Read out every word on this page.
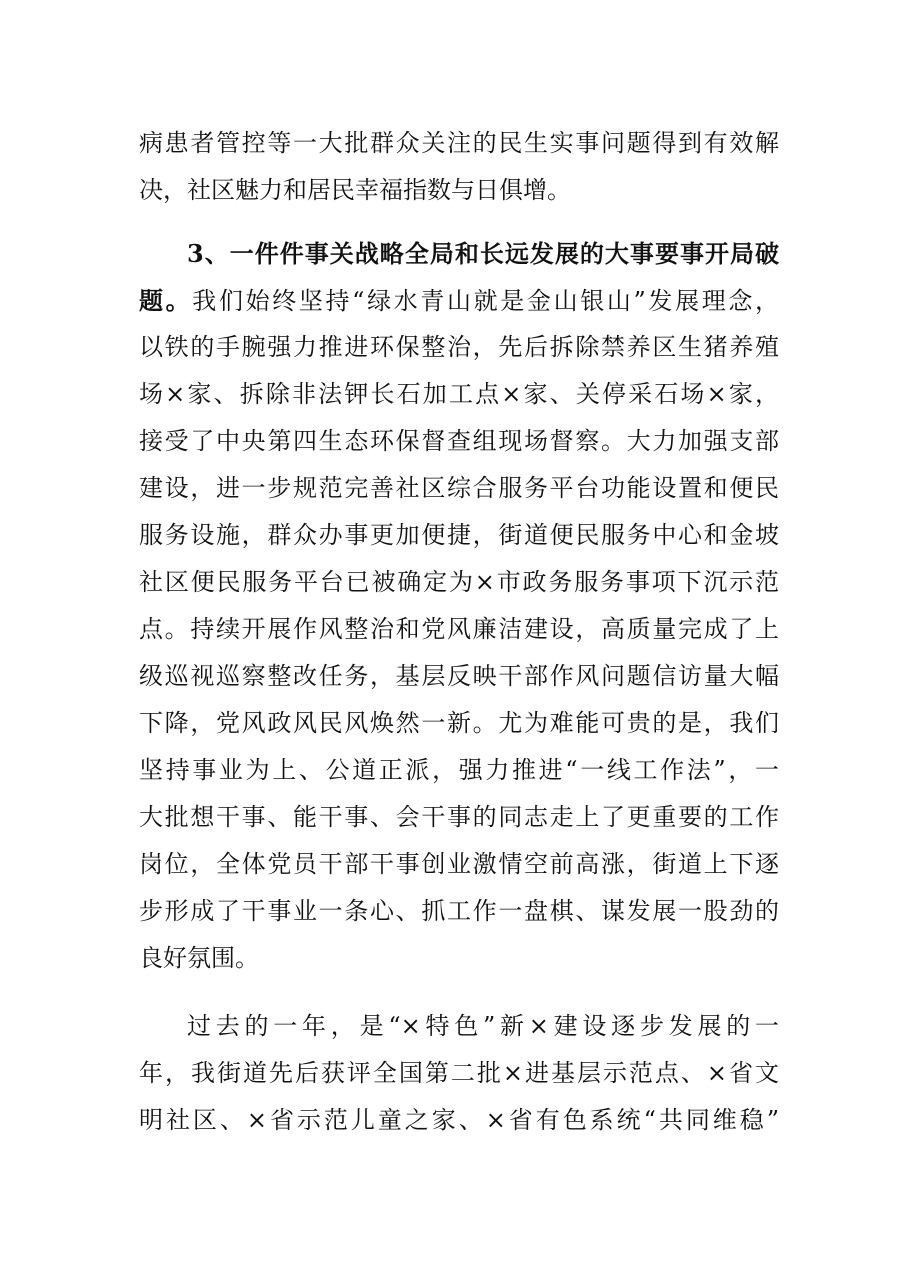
病患者管控等一大批群众关注的民生实事问题得到有效解
决，社区魅力和居民幸福指数与日俱增。
3、一件件事关战略全局和长远发展的大事要事开局破
题。我们始终坚持“绿水青山就是金山银山”发展理念，
以铁的手腕强力推进环保整治，先后拆除禁养区生猪养殖
场×家、拆除非法钾长石加工点×家、关停采石场×家，
接受了中央第四生态环保督查组现场督察。大力加强支部
建设，进一步规范完善社区综合服务平台功能设置和便民
服务设施，群众办事更加便捷，街道便民服务中心和金坡
社区便民服务平台已被确定为×市政务服务事项下沉示范
点。持续开展作风整治和党风廉洁建设，高质量完成了上
级巡视巡察整改任务，基层反映干部作风问题信访量大幅
下降，党风政风民风焕然一新。尤为难能可贵的是，我们
坚持事业为上、公道正派，强力推进“一线工作法”，一
大批想干事、能干事、会干事的同志走上了更重要的工作
岗位，全体党员干部干事创业激情空前高涨，街道上下逐
步形成了干事业一条心、抓工作一盘棋、谋发展一股劲的
良好氛围。
过去的一年，是“×特色”新×建设逐步发展的一
年，我街道先后获评全国第二批×进基层示范点、×省文
明社区、×省示范儿童之家、×省有色系统“共同维稳”
